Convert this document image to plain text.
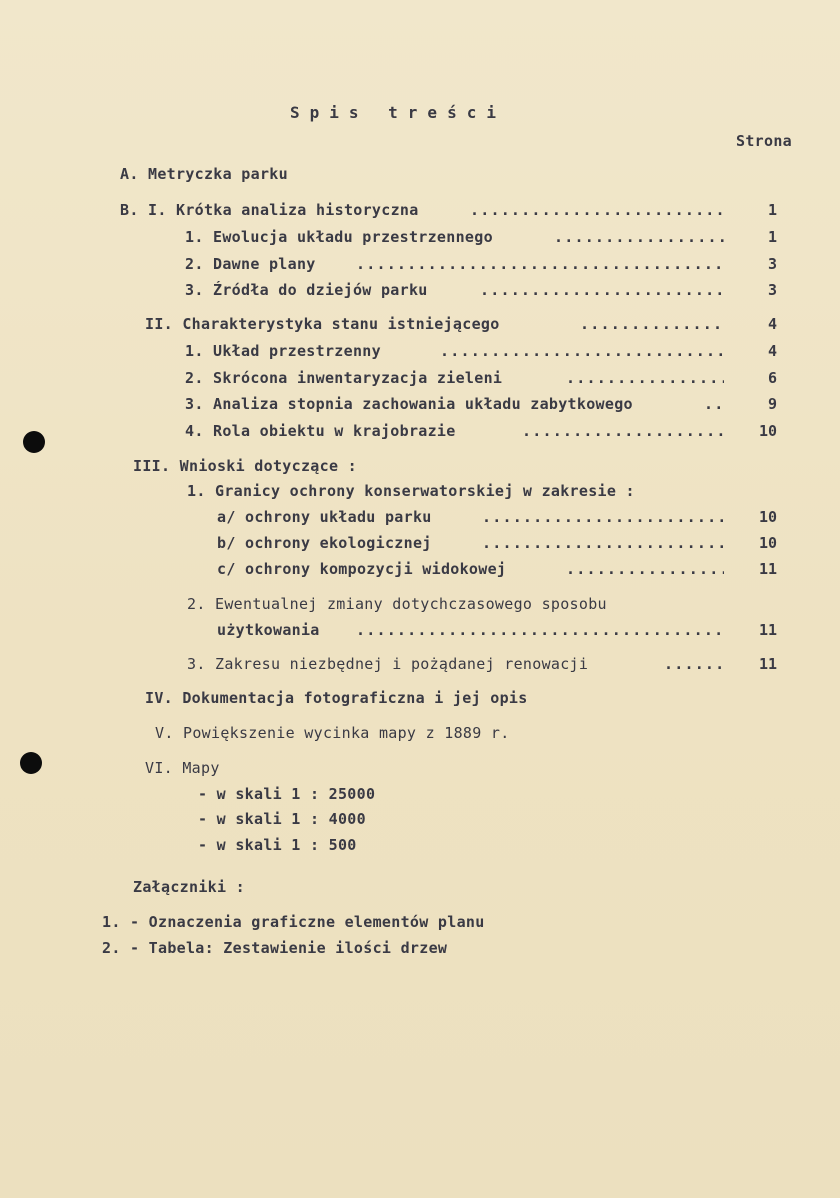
Spis treści
Strona
A. Metryczka parku
B. I. Krótka analiza historyczna .....	1
1. Ewolucja układu przestrzennego .....	1
2. Dawne plany .....	3
3. Źródła do dziejów parku .....	3
II. Charakterystyka stanu istniejącego .....	4
1. Układ przestrzenny .....	4
2. Skrócona inwentaryzacja zieleni .....	6
3. Analiza stopnia zachowania układu zabytkowego .....	9
4. Rola obiektu w krajobrazie .....	10
III. Wnioski dotyczące :
1. Granicy ochrony konserwatorskiej w zakresie :
a/ ochrony układu parku .....	10
b/ ochrony ekologicznej .....	10
c/ ochrony kompozycji widokowej .....	11
2. Ewentualnej zmiany dotychczasowego sposobu
użytkowania .....	11
3. Zakresu niezbędnej i pożądanej renowacji .....	11
IV. Dokumentacja fotograficzna i jej opis
V. Powiększenie wycinka mapy z 1889 r.
VI. Mapy
- w skali 1 : 25000
- w skali 1 : 4000
- w skali 1 : 500
Załączniki :
1. - Oznaczenia graficzne elementów planu
2. - Tabela: Zestawienie ilości drzew
